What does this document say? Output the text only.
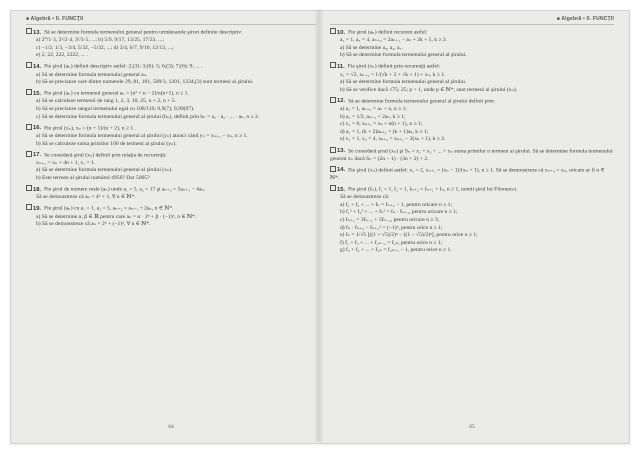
■ Algebră • II. FUNCŢII
13. Să se determine formula termenului general pentru următoarele şiruri definite descriptiv:
a) 2⁰/1·3, 2¹/2·4, 3²/3·5, ...; b) 5/9, 9/17, 13/25, 17/33, ...;
c) −1/2, 1/3, −3/4, 5/32, −5/32, ...; d) 3/4, 6/7, 9/10, 12/13, ...;
e) 2, 22, 222, 2222, ... .
14. Fie şirul (aₙ) definit descriptiv astfel: 2;(3): 3;(6): 5; 6;(3): 7;(6): 9; ... .
a) Să se determine formula termenului general aₙ.
b) Să se precizeze care dintre numerele 29, 81, 101, 509/3, 1201, 1334,(3) sunt termeni ai şirului.
15. Fie şirul (aₙ) cu termenul general aₙ = (n² + n − 2)/n(n+1), n ≥ 1.
a) Să se calculeze termenii de rang 1, 2, 3, 10, 25, n + 2, n + 5.
b) Să se precizeze rangul termenului egal cu 108/110; 0,9(7); 0,99(97).
c) Să se determine formula termenului general al şirului (bₙ), definit prin bₙ = a₁ · a₂ · ... · aₙ, n ≥ 2.
16. Fie şirul (xₙ), xₙ = (n + 1)/(n + 2), n ≥ 1.
a) Să se determine formula termenului general al şirului (yₙ) atunci când yₙ = xₙ₊₁ − xₙ, n ≥ 1.
b) Să se calculeze suma primilor 100 de termeni ai şirului (yₙ).
17. Se consideră şirul (xₙ) definit prin relaţia de recurenţă:
xₙ₊₁ = xₙ + 4n + 1, x₁ = 1.
a) Să se determine formula termenului general al şirului (xₙ).
b) Este termen al şirului numărul 4950? Dar 5005?
18. Fie şirul de numere reale (aₙ) unde a₁ = 5, a₂ = 17 şi aₙ₊₂ = 5aₙ₊₁ − 4aₙ.
Să se demonstreze că aₙ = 4ⁿ + 1, ∀ n ∈ ℕ*.
19. Fie şirul (aₙ) cu a₁ = 1, a₂ = 5, aₙ₊₂ = aₙ₊₁ + 2aₙ, n ∈ ℕ*.
a) Să se determine α, β ∈ ℝ pentru care aₙ = α · 2ⁿ + β · (−1)ⁿ, n ∈ ℕ*.
b) Să se demonstreze că aₙ = 2ⁿ + (−1)ⁿ, ∀ n ∈ ℕ*.
64
■ Algebră • II. FUNCŢII
10. Fie şirul (aₙ) definit recurent astfel:
a₁ = 1, a₂ = 4, aₙ₊₂ = 2aₙ₊₁ − aₙ + 2k + 5, k ≥ 2.
a) Să se determine a₃, a₄, a₅.
b) Să se determine formula termenului general al şirului.
11. Fie şirul (xₙ) definit prin recurenţă astfel:
x₁ = √2, xₙ₊₁ = 1/(√k + 2 + √k + 1) + xₙ, k ≥ 1.
a) Să se determine formula termenului general al şirului.
b) Să se verifice dacă √75; 25; p + 1, unde p ∈ ℕ*, sunt termeni ai şirului (xₙ).
12. Să se determine formula termenului general al şirului definit prin:
a) a₁ = 1, aₙ₊₁ = aₙ + n, n ≥ 1;
b) a₁ = 1/2, aₙ₊₁ = 2aₙ, k ≥ 1;
c) x₁ = 0, xₖ₊₁ = xₖ + n(n + 1), n ≥ 1;
d) a₁ = 1, (k + 2)aₖ₊₁ = (k + 1)aₖ, k ≥ 1;
e) x₁ = 1, x₂ = 4, xₖ₊₂ = xₖ₊₁ − 2(xₖ + 1), k ≥ 2.
13. Se consideră şirul (xₙ) şi Sₙ = x₁ + x₂ + ... + xₙ suma primilor n termeni ai şirului. Să se determine formula termenului general xₙ dacă Sₙ = (2n − 1) · (3n + 2) + 2.
14. Fie şirul (xₙ) definit astfel: x₁ = 2, xₙ₊₁ = (xₙ − 1)/(xₙ + 1), n ≥ 1. Să se demonstreze că xₙ₊₄ = xₙ, oricare ar fi n ∈ ℕ*.
15. Fie şirul (fₙ), f₁ = 1, f₂ = 1, fₙ₊₂ = fₙ₊₁ + fₙ, n ≥ 1, numit şirul lui Fibonacci.
Să se demonstreze că:
a) f₁ + f₂ + ... + fₙ = fₙ₊₂ − 1, pentru oricare n ≥ 1;
b) f₁² + f₂² + ... + fₙ² = fₙ · fₙ₊₁, pentru oricare n ≥ 1;
c) fₙ₊₁ = 3fₙ₋₁ + 5fₙ₋₂, pentru oricare n ≥ 3;
d) fₙ · fₙ₊₂ − fₙ₊₁² = (−1)ⁿ, pentru orice n ≥ 1;
e) fₙ = 1/√5 [((1 + √5)/2)ⁿ − ((1 − √5)/2)ⁿ], pentru orice n ≥ 1;
f) f₁ + f₃ + ... + f₂ₙ₋₁ = f₂ₙ, pentru orice n ≥ 1;
g) f₂ + f₄ + ... + f₂ₙ = f₂ₙ₊₁ − 1, pentru orice n ≥ 1.
65
